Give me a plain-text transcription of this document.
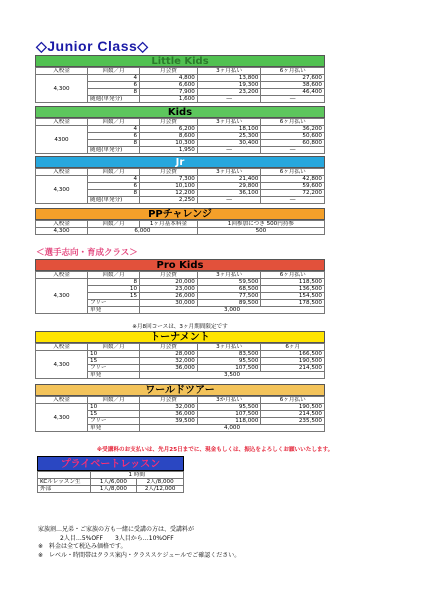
◇Junior Class◇
Little Kids
入校金	回数／月	月会費	3ヶ月払い	6ヶ月払い
4,300	4	4,800	13,800	27,600
	6	6,600	19,300	38,600
	8	7,900	23,200	46,400
	随週(単発分)	1,600	―	―
Kids
入校金	回数／月	月会費	3ヶ月払い	6ヶ月払い
4300	4	6,200	18,100	36,200
	6	8,600	25,300	50,600
	8	10,300	30,400	60,800
	随週(単発分)	1,950	―	―
Jr
入校金	回数／月	月会費	3ヶ月払い	6ヶ月払い
4,300	4	7,300	21,400	42,800
	6	10,100	29,800	59,600
	8	12,200	36,100	72,200
	随週(単発分)	2,250	―	―
PPチャレンジ
入校金	回数／月	1ヶ月基本料金	1回参加につき 500円持参
4,300	6,000		500
＜選手志向・育成クラス＞
Pro Kids
入校金	回数／月	月会費	3ヶ月払い	6ヶ月払い
4,300	8	20,000	59,500	118,500
	10	23,000	68,500	136,500
	15	26,000	77,500	154,500
	フリー	30,000	89,500	178,500
	単発	3,000		
※月8回コースは、3ヶ月期間限定です
トーナメント
入校金	回数／月	月会費	3ヶ月払い	6ヶ月
4,300	10	28,000	83,500	166,500
	15	32,000	95,500	190,500
	フリー	36,000	107,500	214,500
	単発	3,500		
ワールドツアー
入校金	回数／月	月会費	3か月払い	6ヶ月払い
4,300	10	32,000	95,500	190,500
	15	36,000	107,500	214,500
	フリー	39,500	118,000	235,500
	単発	4,000		
※受講料のお支払いは、先月25日までに、現金もしくは、振込をよろしくお願いいたします。
プライベートレッスン
	1 時間	
KCルレッスン生	1人/6,000	2人/8,000
外部	1人/8,000	2人/12,000
家族割…兄弟・ご家族の方も一緒に受講の方は、受講料が
2人目…5%OFF　　3人目から…10%OFF
※　料金は全て税込み価格です。
※　レベル・時間帯はクラス案内・クラススケジュールでご確認ください。
